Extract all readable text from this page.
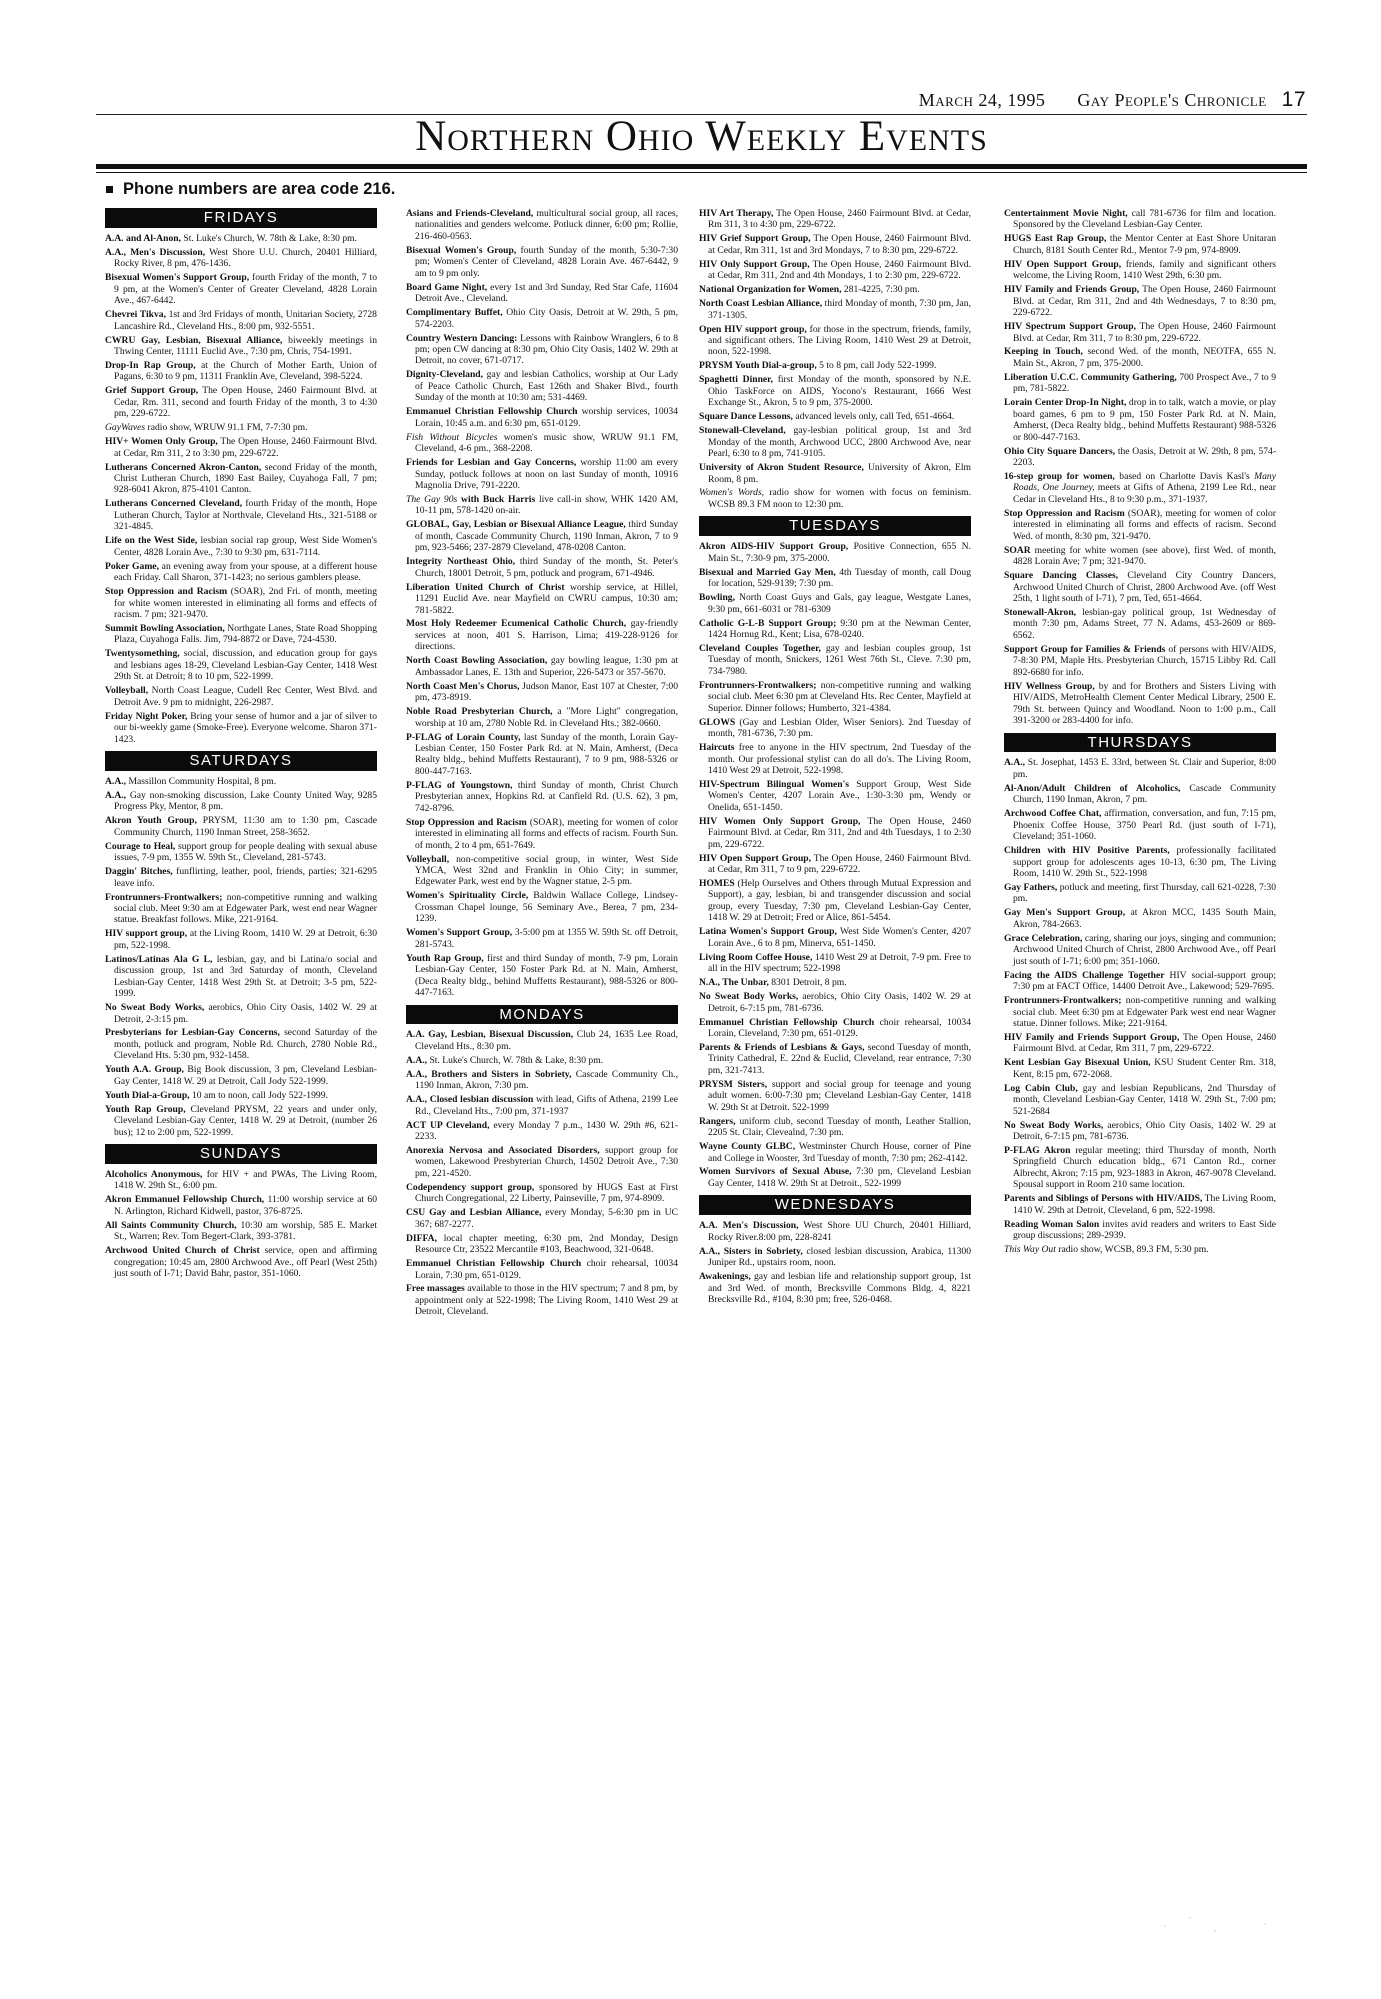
March 24, 1995 Gay People's Chronicle 17
Northern Ohio Weekly Events
Phone numbers are area code 216.
FRIDAYS

A.A. and Al-Anon, St. Luke's Church, W. 78th & Lake, 8:30 pm.

A.A., Men's Discussion, West Shore U.U. Church, 20401 Hilliard, Rocky River, 8 pm, 476-1436.

Bisexual Women's Support Group, fourth Friday of the month, 7 to 9 pm, at the Women's Center of Greater Cleveland, 4828 Lorain Ave., 467-6442.

Chevrei Tikva, 1st and 3rd Fridays of month, Unitarian Society, 2728 Lancashire Rd., Cleveland Hts., 8:00 pm, 932-5551.

CWRU Gay, Lesbian, Bisexual Alliance, biweekly meetings in Thwing Center, 11111 Euclid Ave., 7:30 pm, Chris, 754-1991.

Drop-In Rap Group, at the Church of Mother Earth, Union of Pagans, 6:30 to 9 pm, 11311 Franklin Ave, Cleveland, 398-5224.

Grief Support Group, The Open House, 2460 Fairmount Blvd. at Cedar, Rm. 311, second and fourth Friday of the month, 3 to 4:30 pm, 229-6722.

GayWaves radio show, WRUW 91.1 FM, 7-7:30 pm.

HIV+ Women Only Group, The Open House, 2460 Fairmount Blvd. at Cedar, Rm 311, 2 to 3:30 pm, 229-6722.

Lutherans Concerned Akron-Canton, second Friday of the month, Christ Lutheran Church, 1890 East Bailey, Cuyahoga Fall, 7 pm; 928-6041 Akron, 875-4101 Canton.

Lutherans Concerned Cleveland, fourth Friday of the month, Hope Lutheran Church, Taylor at Northvale, Cleveland Hts., 321-5188 or 321-4845.

Life on the West Side, lesbian social rap group, West Side Women's Center, 4828 Lorain Ave., 7:30 to 9:30 pm, 631-7114.

Poker Game, an evening away from your spouse, at a different house each Friday. Call Sharon, 371-1423; no serious gamblers please.

Stop Oppression and Racism (SOAR), 2nd Fri. of month, meeting for white women interested in eliminating all forms and effects of racism. 7 pm; 321-9470.

Summit Bowling Association, Northgate Lanes, State Road Shopping Plaza, Cuyahoga Falls. Jim, 794-8872 or Dave, 724-4530.

Twentysomething, social, discussion, and education group for gays and lesbians ages 18-29, Cleveland Lesbian-Gay Center, 1418 West 29th St. at Detroit; 8 to 10 pm, 522-1999.

Volleyball, North Coast League, Cudell Rec Center, West Blvd. and Detroit Ave. 9 pm to midnight, 226-2987.

Friday Night Poker, Bring your sense of humor and a jar of silver to our bi-weekly game (Smoke-Free). Everyone welcome. Sharon 371-1423.

SATURDAYS

A.A., Massillon Community Hospital, 8 pm.

A.A., Gay non-smoking discussion, Lake County United Way, 9285 Progress Pky, Mentor, 8 pm.

Akron Youth Group, PRYSM, 11:30 am to 1:30 pm, Cascade Community Church, 1190 Inman Street, 258-3652.

Courage to Heal, support group for people dealing with sexual abuse issues, 7-9 pm, 1355 W. 59th St., Cleveland, 281-5743.

Daggin' Bitches, funflirting, leather, pool, friends, parties; 321-6295 leave info.

Frontrunners-Frontwalkers; non-competitive running and walking social club. Meet 9:30 am at Edgewater Park, west end near Wagner statue. Breakfast follows. Mike, 221-9164.

HIV support group, at the Living Room, 1410 W. 29 at Detroit, 6:30 pm, 522-1998.

Latinos/Latinas Ala G L, lesbian, gay, and bi Latina/o social and discussion group, 1st and 3rd Saturday of month, Cleveland Lesbian-Gay Center, 1418 West 29th St. at Detroit; 3-5 pm, 522-1999.

No Sweat Body Works, aerobics, Ohio City Oasis, 1402 W. 29 at Detroit, 2-3:15 pm.

Presbyterians for Lesbian-Gay Concerns, second Saturday of the month, potluck and program, Noble Rd. Church, 2780 Noble Rd., Cleveland Hts. 5:30 pm, 932-1458.

Youth A.A. Group, Big Book discussion, 3 pm, Cleveland Lesbian-Gay Center, 1418 W. 29 at Detroit, Call Jody 522-1999.

Youth Dial-a-Group, 10 am to noon, call Jody 522-1999.

Youth Rap Group, Cleveland PRYSM, 22 years and under only, Cleveland Lesbian-Gay Center, 1418 W. 29 at Detroit, (number 26 bus); 12 to 2:00 pm, 522-1999.

SUNDAYS

Alcoholics Anonymous, for HIV + and PWAs, The Living Room, 1418 W. 29th St., 6:00 pm.

Akron Emmanuel Fellowship Church, 11:00 worship service at 60 N. Arlington, Richard Kidwell, pastor, 376-8725.

All Saints Community Church, 10:30 am worship, 585 E. Market St., Warren; Rev. Tom Begert-Clark, 393-3781.

Archwood United Church of Christ service, open and affirming congregation; 10:45 am, 2800 Archwood Ave., off Pearl (West 25th) just south of I-71; David Bahr, pastor, 351-1060.

Asians and Friends-Cleveland, multicultural social group, all races, nationalities and genders welcome. Potluck dinner, 6:00 pm; Rollie, 216-460-0563.

Bisexual Women's Group, fourth Sunday of the month, 5:30-7:30 pm; Women's Center of Cleveland, 4828 Lorain Ave. 467-6442, 9 am to 9 pm only.

Board Game Night, every 1st and 3rd Sunday, Red Star Cafe, 11604 Detroit Ave., Cleveland.

Complimentary Buffet, Ohio City Oasis, Detroit at W. 29th, 5 pm, 574-2203.

Country Western Dancing: Lessons with Rainbow Wranglers, 6 to 8 pm; open CW dancing at 8:30 pm, Ohio City Oasis, 1402 W. 29th at Detroit, no cover, 671-0717.

Dignity-Cleveland, gay and lesbian Catholics, worship at Our Lady of Peace Catholic Church, East 126th and Shaker Blvd., fourth Sunday of the month at 10:30 am; 531-4469.

Emmanuel Christian Fellowship Church worship services, 10034 Lorain, 10:45 a.m. and 6:30 pm, 651-0129.

Fish Without Bicycles women's music show, WRUW 91.1 FM, Cleveland, 4-6 pm., 368-2208.

Friends for Lesbian and Gay Concerns, worship 11:00 am every Sunday, potluck follows at noon on last Sunday of month, 10916 Magnolia Drive, 791-2220.

The Gay 90s with Buck Harris live call-in show, WHK 1420 AM, 10-11 pm, 578-1420 on-air.

GLOBAL, Gay, Lesbian or Bisexual Alliance League, third Sunday of month, Cascade Community Church, 1190 Inman, Akron, 7 to 9 pm, 923-5466; 237-2879 Cleveland, 478-0208 Canton.

Integrity Northeast Ohio, third Sunday of the month, St. Peter's Church, 18001 Detroit, 5 pm, potluck and program, 671-4946.

Liberation United Church of Christ worship service, at Hillel, 11291 Euclid Ave. near Mayfield on CWRU campus, 10:30 am; 781-5822.

Most Holy Redeemer Ecumenical Catholic Church, gay-friendly services at noon, 401 S. Harrison, Lima; 419-228-9126 for directions.

North Coast Bowling Association, gay bowling league, 1:30 pm at Ambassador Lanes, E. 13th and Superior, 226-5473 or 357-5670.

North Coast Men's Chorus, Judson Manor, East 107 at Chester, 7:00 pm, 473-8919.

Noble Road Presbyterian Church, a "More Light" congregation, worship at 10 am, 2780 Noble Rd. in Cleveland Hts.; 382-0660.

P-FLAG of Lorain County, last Sunday of the month, Lorain Gay-Lesbian Center, 150 Foster Park Rd. at N. Main, Amherst, (Deca Realty bldg., behind Muffetts Restaurant), 7 to 9 pm, 988-5326 or 800-447-7163.

P-FLAG of Youngstown, third Sunday of month, Christ Church Presbyterian annex, Hopkins Rd. at Canfield Rd. (U.S. 62), 3 pm, 742-8796.

Stop Oppression and Racism (SOAR), meeting for women of color interested in eliminating all forms and effects of racism. Fourth Sun. of month, 2 to 4 pm, 651-7649.

Volleyball, non-competitive social group, in winter, West Side YMCA, West 32nd and Franklin in Ohio City; in summer, Edgewater Park, west end by the Wagner statue, 2-5 pm.

Women's Spirituality Circle, Baldwin Wallace College, Lindsey-Crossman Chapel lounge, 56 Seminary Ave., Berea, 7 pm, 234-1239.

Women's Support Group, 3-5:00 pm at 1355 W. 59th St. off Detroit, 281-5743.

Youth Rap Group, first and third Sunday of month, 7-9 pm, Lorain Lesbian-Gay Center, 150 Foster Park Rd. at N. Main, Amherst, (Deca Realty bldg., behind Muffetts Restaurant), 988-5326 or 800-447-7163.

MONDAYS

A.A. Gay, Lesbian, Bisexual Discussion, Club 24, 1635 Lee Road, Cleveland Hts., 8:30 pm.

A.A., St. Luke's Church, W. 78th & Lake, 8:30 pm.

A.A., Brothers and Sisters in Sobriety, Cascade Community Ch., 1190 Inman, Akron, 7:30 pm.

A.A., Closed lesbian discussion with lead, Gifts of Athena, 2199 Lee Rd., Cleveland Hts., 7:00 pm, 371-1937

ACT UP Cleveland, every Monday 7 p.m., 1430 W. 29th #6, 621-2233.

Anorexia Nervosa and Associated Disorders, support group for women, Lakewood Presbyterian Church, 14502 Detroit Ave., 7:30 pm, 221-4520.

Codependency support group, sponsored by HUGS East at First Church Congregational, 22 Liberty, Painseville, 7 pm, 974-8909.

CSU Gay and Lesbian Alliance, every Monday, 5-6:30 pm in UC 367; 687-2277.

DIFFA, local chapter meeting, 6:30 pm, 2nd Monday, Design Resource Ctr, 23522 Mercantile #103, Beachwood, 321-0648.

Emmanuel Christian Fellowship Church choir rehearsal, 10034 Lorain, 7:30 pm, 651-0129.

Free massages available to those in the HIV spectrum; 7 and 8 pm, by appointment only at 522-1998; The Living Room, 1410 West 29 at Detroit, Cleveland.

HIV Art Therapy, The Open House, 2460 Fairmount Blvd. at Cedar, Rm 311, 3 to 4:30 pm, 229-6722.

HIV Grief Support Group, The Open House, 2460 Fairmount Blvd. at Cedar, Rm 311, 1st and 3rd Mondays, 7 to 8:30 pm, 229-6722.

HIV Only Support Group, The Open House, 2460 Fairmount Blvd. at Cedar, Rm 311, 2nd and 4th Mondays, 1 to 2:30 pm, 229-6722.

National Organization for Women, 281-4225, 7:30 pm.

North Coast Lesbian Alliance, third Monday of month, 7:30 pm, Jan, 371-1305.

Open HIV support group, for those in the spectrum, friends, family, and significant others. The Living Room, 1410 West 29 at Detroit, noon, 522-1998.

PRYSM Youth Dial-a-group, 5 to 8 pm, call Jody 522-1999.

Spaghetti Dinner, first Monday of the month, sponsored by N.E. Ohio TaskForce on AIDS, Yocono's Restaurant, 1666 West Exchange St., Akron, 5 to 9 pm, 375-2000.

Square Dance Lessons, advanced levels only, call Ted, 651-4664.

Stonewall-Cleveland, gay-lesbian political group, 1st and 3rd Monday of the month, Archwood UCC, 2800 Archwood Ave, near Pearl, 6:30 to 8 pm, 741-9105.

University of Akron Student Resource, University of Akron, Elm Room, 8 pm.

Women's Words, radio show for women with focus on feminism. WCSB 89.3 FM noon to 12:30 pm.

TUESDAYS

Akron AIDS-HIV Support Group, Positive Connection, 655 N. Main St., 7:30-9 pm, 375-2000.

Bisexual and Married Gay Men, 4th Tuesday of month, call Doug for location, 529-9139; 7:30 pm.

Bowling, North Coast Guys and Gals, gay league, Westgate Lanes, 9:30 pm, 661-6031 or 781-6309

Catholic G-L-B Support Group; 9:30 pm at the Newman Center, 1424 Hornug Rd., Kent; Lisa, 678-0240.

Cleveland Couples Together, gay and lesbian couples group, 1st Tuesday of month, Snickers, 1261 West 76th St., Cleve. 7:30 pm, 734-7980.

Frontrunners-Frontwalkers; non-competitive running and walking social club. Meet 6:30 pm at Cleveland Hts. Rec Center, Mayfield at Superior. Dinner follows; Humberto, 321-4384.

GLOWS (Gay and Lesbian Older, Wiser Seniors). 2nd Tuesday of month, 781-6736, 7:30 pm.

Haircuts free to anyone in the HIV spectrum, 2nd Tuesday of the month. Our professional stylist can do all do's. The Living Room, 1410 West 29 at Detroit, 522-1998.

HIV-Spectrum Bilingual Women's Support Group, West Side Women's Center, 4207 Lorain Ave., 1:30-3:30 pm, Wendy or Onelida, 651-1450.

HIV Women Only Support Group, The Open House, 2460 Fairmount Blvd. at Cedar, Rm 311, 2nd and 4th Tuesdays, 1 to 2:30 pm, 229-6722.

HIV Open Support Group, The Open House, 2460 Fairmount Blvd. at Cedar, Rm 311, 7 to 9 pm, 229-6722.

HOMES (Help Ourselves and Others through Mutual Expression and Support), a gay, lesbian, bi and transgender discussion and social group, every Tuesday, 7:30 pm, Cleveland Lesbian-Gay Center, 1418 W. 29 at Detroit; Fred or Alice, 861-5454.

Latina Women's Support Group, West Side Women's Center, 4207 Lorain Ave., 6 to 8 pm, Minerva, 651-1450.

Living Room Coffee House, 1410 West 29 at Detroit, 7-9 pm. Free to all in the HIV spectrum; 522-1998

N.A., The Unbar, 8301 Detroit, 8 pm.

No Sweat Body Works, aerobics, Ohio City Oasis, 1402 W. 29 at Detroit, 6-7:15 pm, 781-6736.

Emmanuel Christian Fellowship Church choir rehearsal, 10034 Lorain, Cleveland, 7:30 pm, 651-0129.

Parents & Friends of Lesbians & Gays, second Tuesday of month, Trinity Cathedral, E. 22nd & Euclid, Cleveland, rear entrance, 7:30 pm, 321-7413.

PRYSM Sisters, support and social group for teenage and young adult women. 6:00-7:30 pm; Cleveland Lesbian-Gay Center, 1418 W. 29th St at Detroit. 522-1999

Rangers, uniform club, second Tuesday of month, Leather Stallion, 2205 St. Clair, Clevealnd, 7:30 pm.

Wayne County GLBC, Westminster Church House, corner of Pine and College in Wooster, 3rd Tuesday of month, 7:30 pm; 262-4142.

Women Survivors of Sexual Abuse, 7:30 pm, Cleveland Lesbian Gay Center, 1418 W. 29th St at Detroit., 522-1999

WEDNESDAYS

A.A. Men's Discussion, West Shore UU Church, 20401 Hilliard, Rocky River.8:00 pm, 228-8241

A.A., Sisters in Sobriety, closed lesbian discussion, Arabica, 11300 Juniper Rd., upstairs room, noon.

Awakenings, gay and lesbian life and relationship support group, 1st and 3rd Wed. of month, Brecksville Commons Bldg. 4, 8221 Brecksville Rd., #104, 8:30 pm; free, 526-0468.

Centertainment Movie Night, call 781-6736 for film and location. Sponsored by the Cleveland Lesbian-Gay Center.

HUGS East Rap Group, the Mentor Center at East Shore Unitaran Church, 8181 South Center Rd., Mentor 7-9 pm, 974-8909.

HIV Open Support Group, friends, family and significant others welcome, the Living Room, 1410 West 29th, 6:30 pm.

HIV Family and Friends Group, The Open House, 2460 Fairmount Blvd. at Cedar, Rm 311, 2nd and 4th Wednesdays, 7 to 8:30 pm, 229-6722.

HIV Spectrum Support Group, The Open House, 2460 Fairmount Blvd. at Cedar, Rm 311, 7 to 8:30 pm, 229-6722.

Keeping in Touch, second Wed. of the month, NEOTFA, 655 N. Main St., Akron, 7 pm, 375-2000.

Liberation U.C.C. Community Gathering, 700 Prospect Ave., 7 to 9 pm, 781-5822.

Lorain Center Drop-In Night, drop in to talk, watch a movie, or play board games, 6 pm to 9 pm, 150 Foster Park Rd. at N. Main, Amherst, (Deca Realty bldg., behind Muffetts Restaurant) 988-5326 or 800-447-7163.

Ohio City Square Dancers, the Oasis, Detroit at W. 29th, 8 pm, 574-2203.

16-step group for women, based on Charlotte Davis Kasl's Many Roads, One Journey, meets at Gifts of Athena, 2199 Lee Rd., near Cedar in Cleveland Hts., 8 to 9:30 p.m., 371-1937.

Stop Oppression and Racism (SOAR), meeting for women of color interested in eliminating all forms and effects of racism. Second Wed. of month, 8:30 pm, 321-9470.

SOAR meeting for white women (see above), first Wed. of month, 4828 Lorain Ave; 7 pm; 321-9470.

Square Dancing Classes, Cleveland City Country Dancers, Archwood United Church of Christ, 2800 Archwood Ave. (off West 25th, 1 light south of I-71), 7 pm, Ted, 651-4664.

Stonewall-Akron, lesbian-gay political group, 1st Wednesday of month 7:30 pm, Adams Street, 77 N. Adams, 453-2609 or 869-6562.

Support Group for Families & Friends of persons with HIV/AIDS, 7-8:30 PM, Maple Hts. Presbyterian Church, 15715 Libby Rd. Call 892-6680 for info.

HIV Wellness Group, by and for Brothers and Sisters Living with HIV/AIDS, MetroHealth Clement Center Medical Library, 2500 E. 79th St. between Quincy and Woodland. Noon to 1:00 p.m., Call 391-3200 or 283-4400 for info.

THURSDAYS

A.A., St. Josephat, 1453 E. 33rd, between St. Clair and Superior, 8:00 pm.

Al-Anon/Adult Children of Alcoholics, Cascade Community Church, 1190 Inman, Akron, 7 pm.

Archwood Coffee Chat, affirmation, conversation, and fun, 7:15 pm, Phoenix Coffee House, 3750 Pearl Rd. (just south of I-71), Cleveland; 351-1060.

Children with HIV Positive Parents, professionally facilitated support group for adolescents ages 10-13, 6:30 pm, The Living Room, 1410 W. 29th St., 522-1998

Gay Fathers, potluck and meeting, first Thursday, call 621-0228, 7:30 pm.

Gay Men's Support Group, at Akron MCC, 1435 South Main, Akron, 784-2663.

Grace Celebration, caring, sharing our joys, singing and communion; Archwood United Church of Christ, 2800 Archwood Ave., off Pearl just south of I-71; 6:00 pm; 351-1060.

Facing the AIDS Challenge Together HIV social-support group; 7:30 pm at FACT Office, 14400 Detroit Ave., Lakewood; 529-7695.

Frontrunners-Frontwalkers; non-competitive running and walking social club. Meet 6:30 pm at Edgewater Park west end near Wagner statue. Dinner follows. Mike; 221-9164.

HIV Family and Friends Support Group, The Open House, 2460 Fairmount Blvd. at Cedar, Rm 311, 7 pm, 229-6722.

Kent Lesbian Gay Bisexual Union, KSU Student Center Rm. 318, Kent, 8:15 pm, 672-2068.

Log Cabin Club, gay and lesbian Republicans, 2nd Thursday of month, Cleveland Lesbian-Gay Center, 1418 W. 29th St., 7:00 pm; 521-2684

No Sweat Body Works, aerobics, Ohio City Oasis, 1402 W. 29 at Detroit, 6-7:15 pm, 781-6736.

P-FLAG Akron regular meeting; third Thursday of month, North Springfield Church education bldg., 671 Canton Rd., corner Albrecht, Akron; 7:15 pm, 923-1883 in Akron, 467-9078 Cleveland. Spousal support in Room 210 same location.

Parents and Siblings of Persons with HIV/AIDS, The Living Room, 1410 W. 29th at Detroit, Cleveland, 6 pm, 522-1998.

Reading Woman Salon invites avid readers and writers to East Side group discussions; 289-2939.

This Way Out radio show, WCSB, 89.3 FM, 5:30 pm.
